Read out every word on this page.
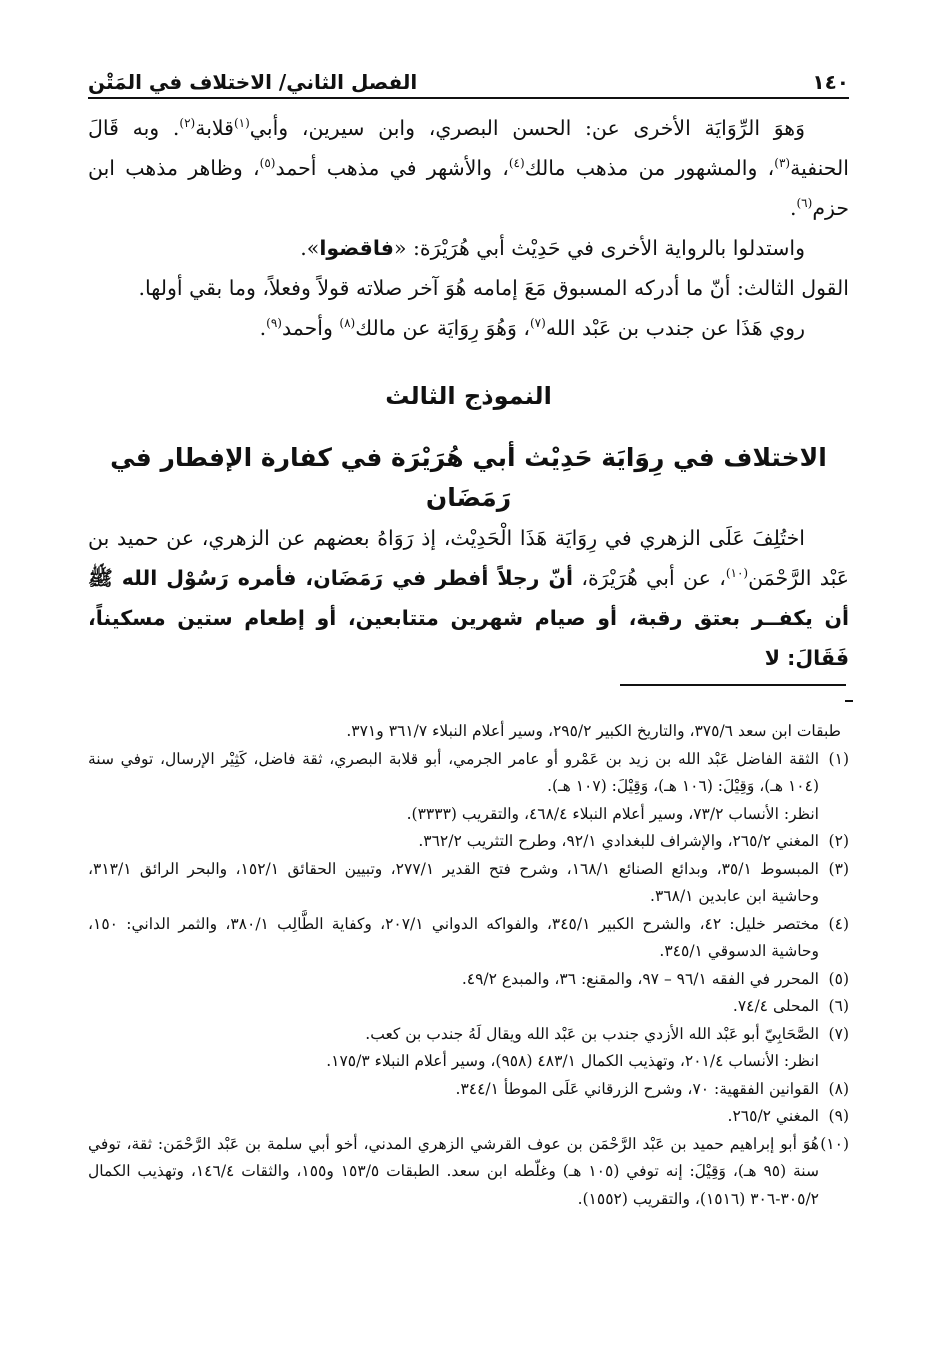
١٤٠
الفصل الثاني/ الاختلاف في المَتْن

وَهوَ الرِّوَايَة الأخرى عن: الحسن البصري، وابن سيرين، وأبي$^{(١)}$قلابة$^{(٢)}$. وبه قَالَ الحنفية$^{(٣)}$، والمشهور من مذهب مالك$^{(٤)}$، والأشهر في مذهب أحمد$^{(٥)}$، وظاهر مذهب ابن حزم$^{(٦)}$.

واستدلوا بالرواية الأخرى في حَدِيْث أبي هُرَيْرَة: «فاقضوا».

القول الثالث: أنّ ما أدركه المسبوق مَعَ إمامه هُوَ آخر صلاته قولاً وفعلاً، وما بقي أولها.

روي هَذَا عن جندب بن عَبْد الله$^{(٧)}$، وَهُوَ رِوَايَة عن مالك$^{(٨)}$ وأحمد$^{(٩)}$.

النموذج الثالث
الاختلاف في رِوَايَة حَدِيْث أبي هُرَيْرَة في كفارة الإفطار في رَمَضَان

اختُلِفَ عَلَى الزهري في رِوَايَة هَذَا الْحَدِيْث، إذ رَوَاهُ بعضهم عن الزهري، عن حميد بن عَبْد الرَّحْمَن$^{(١٠)}$، عن أبي هُرَيْرَة، أنّ رجلاً أفطر في رَمَضَان، فأمره رَسُوْل الله ﷺ أن يكفــر بعتق رقبة، أو صيام شهرين متتابعين، أو إطعام ستين مسكيناً، فَقَالَ: لا

طبقات ابن سعد ٣٧٥/٦، والتاريخ الكبير ٢٩٥/٢، وسير أعلام النبلاء ٣٦١/٧ و٣٧١.
(١)
الثقة الفاضل عَبْد الله بن زيد بن عَمْرو أو عامر الجرمي، أبو قلابة البصري، ثقة فاضل، كَثِيْر الإرسال، توفي سنة (١٠٤ هـ)، وَقِيْلَ: (١٠٦ هـ)، وَقِيْلَ: (١٠٧ هـ).
انظر: الأنساب ٧٣/٢، وسير أعلام النبلاء ٤٦٨/٤، والتقريب (٣٣٣٣).
(٢)
المغني ٢٦٥/٢، والإشراف للبغدادي ٩٢/١، وطرح التثريب ٣٦٢/٢.
(٣)
المبسوط ٣٥/١، وبدائع الصنائع ١٦٨/١، وشرح فتح القدير ٢٧٧/١، وتبيين الحقائق ١٥٢/١، والبحر الرائق ٣١٣/١، وحاشية ابن عابدين ٣٦٨/١.
(٤)
مختصر خليل: ٤٢، والشرح الكبير ٣٤٥/١، والفواكه الدواني ٢٠٧/١، وكفاية الطَّالِب ٣٨٠/١، والثمر الداني: ١٥٠، وحاشية الدسوقي ٣٤٥/١.
(٥)
المحرر في الفقه ٩٦/١ – ٩٧، والمقنع: ٣٦، والمبدع ٤٩/٢.
(٦)
المحلى ٧٤/٤.
(٧)
الصَّحَابِيّ أبو عَبْد الله الأزدي جندب بن عَبْد الله ويقال لَهُ جندب بن كعب.
انظر: الأنساب ٢٠١/٤، وتهذيب الكمال ٤٨٣/١ (٩٥٨)، وسير أعلام النبلاء ١٧٥/٣.
(٨)
القوانين الفقهية: ٧٠، وشرح الزرقاني عَلَى الموطأ ٣٤٤/١.
(٩)
المغني ٢٦٥/٢.
(١٠)
هُوَ أبو إبراهيم حميد بن عَبْد الرَّحْمَن بن عوف القرشي الزهري المدني، أخو أبي سلمة بن عَبْد الرَّحْمَن: ثقة، توفي سنة (٩٥ هـ)، وَقِيْلَ: إنه توفي (١٠٥ هـ) وغلّطه ابن سعد. الطبقات ١٥٣/٥ و١٥٥، والثقات ١٤٦/٤، وتهذيب الكمال ٣٠٥/٢-٣٠٦ (١٥١٦)، والتقريب (١٥٥٢).
